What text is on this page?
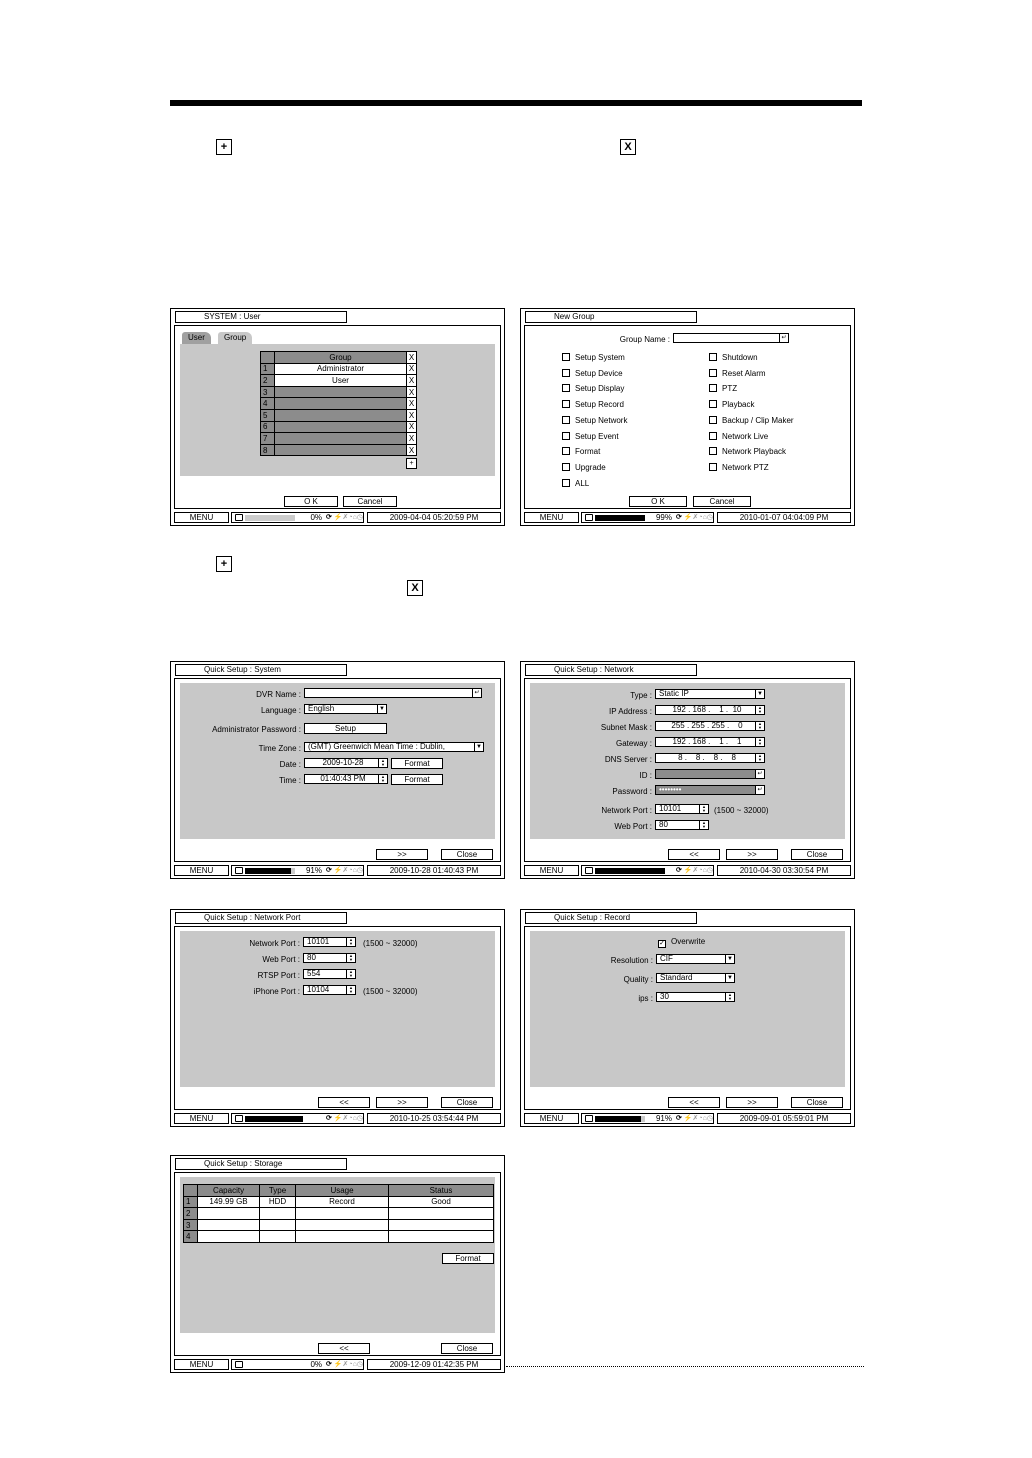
+	X
+
X
SYSTEM : User
User	Group
	Group	X
1	Administrator	X
2	User	X
3		X
4		X
5		X
6		X
7		X
8		X
+
O K	Cancel
MENU	0% ⟳ ⚡✗◔⌂◷	2009-04-04 05:20:59 PM
New Group
Group Name :	↵
Setup System
Setup Device
Setup Display
Setup Record
Setup Network
Setup Event
Format
Upgrade
ALL
Shutdown
Reset Alarm
PTZ
Playback
Backup / Clip Maker
Network Live
Network Playback
Network PTZ
O K	Cancel
MENU	99% ⟳ ⚡✗◔⌂◷	2010-01-07 04:04:09 PM
Quick Setup : System
DVR Name :	↵
Language : English	▼
Administrator Password :	Setup
Time Zone : (GMT) Greenwich Mean Time : Dublin,	▼
Date :	2009-10-28	▲
▼	Format
Time :	01:40:43 PM	▲
▼	Format
>>	Close
MENU	91% ⟳ ⚡✗◔⌂◷	2009-10-28 01:40:43 PM
Quick Setup : Network
Type : Static IP	▼
IP Address :	192 . 168 .    1 .  10	▲
▼
Subnet Mask :	255 . 255 . 255 .    0	▲
▼
Gateway :	192 . 168 .    1 .    1	▲
▼
DNS Server :	8 .    8 .    8 .    8	▲
▼
ID :	↵
Password : ••••••••	↵
Network Port : 10101	▲
▼ (1500 ~ 32000)
Web Port : 80	▲
▼
<<	>>	Close
MENU	⟳ ⚡✗◔⌂◷	2010-04-30 03:30:54 PM
Quick Setup : Network Port
Network Port : 10101	▲
▼ (1500 ~ 32000)
Web Port : 80	▲
▼
RTSP Port : 554	▲
▼
iPhone Port : 10104	▲
▼ (1500 ~ 32000)
<<	>>	Close
MENU	⟳ ⚡✗◔⌂◷	2010-10-25 03:54:44 PM
Quick Setup : Record
✓ Overwrite
Resolution : CIF	▼
Quality : Standard	▼
ips : 30	▲
▼
<<	>>	Close
MENU	91% ⟳ ⚡✗◔⌂◷	2009-09-01 05:59:01 PM
Quick Setup : Storage
	Capacity	Type	Usage	Status
1	149.99 GB	HDD	Record	Good
2				
3				
4				
Format
<<	Close
MENU	0% ⟳ ⚡✗◔⌂◷	2009-12-09 01:42:35 PM
